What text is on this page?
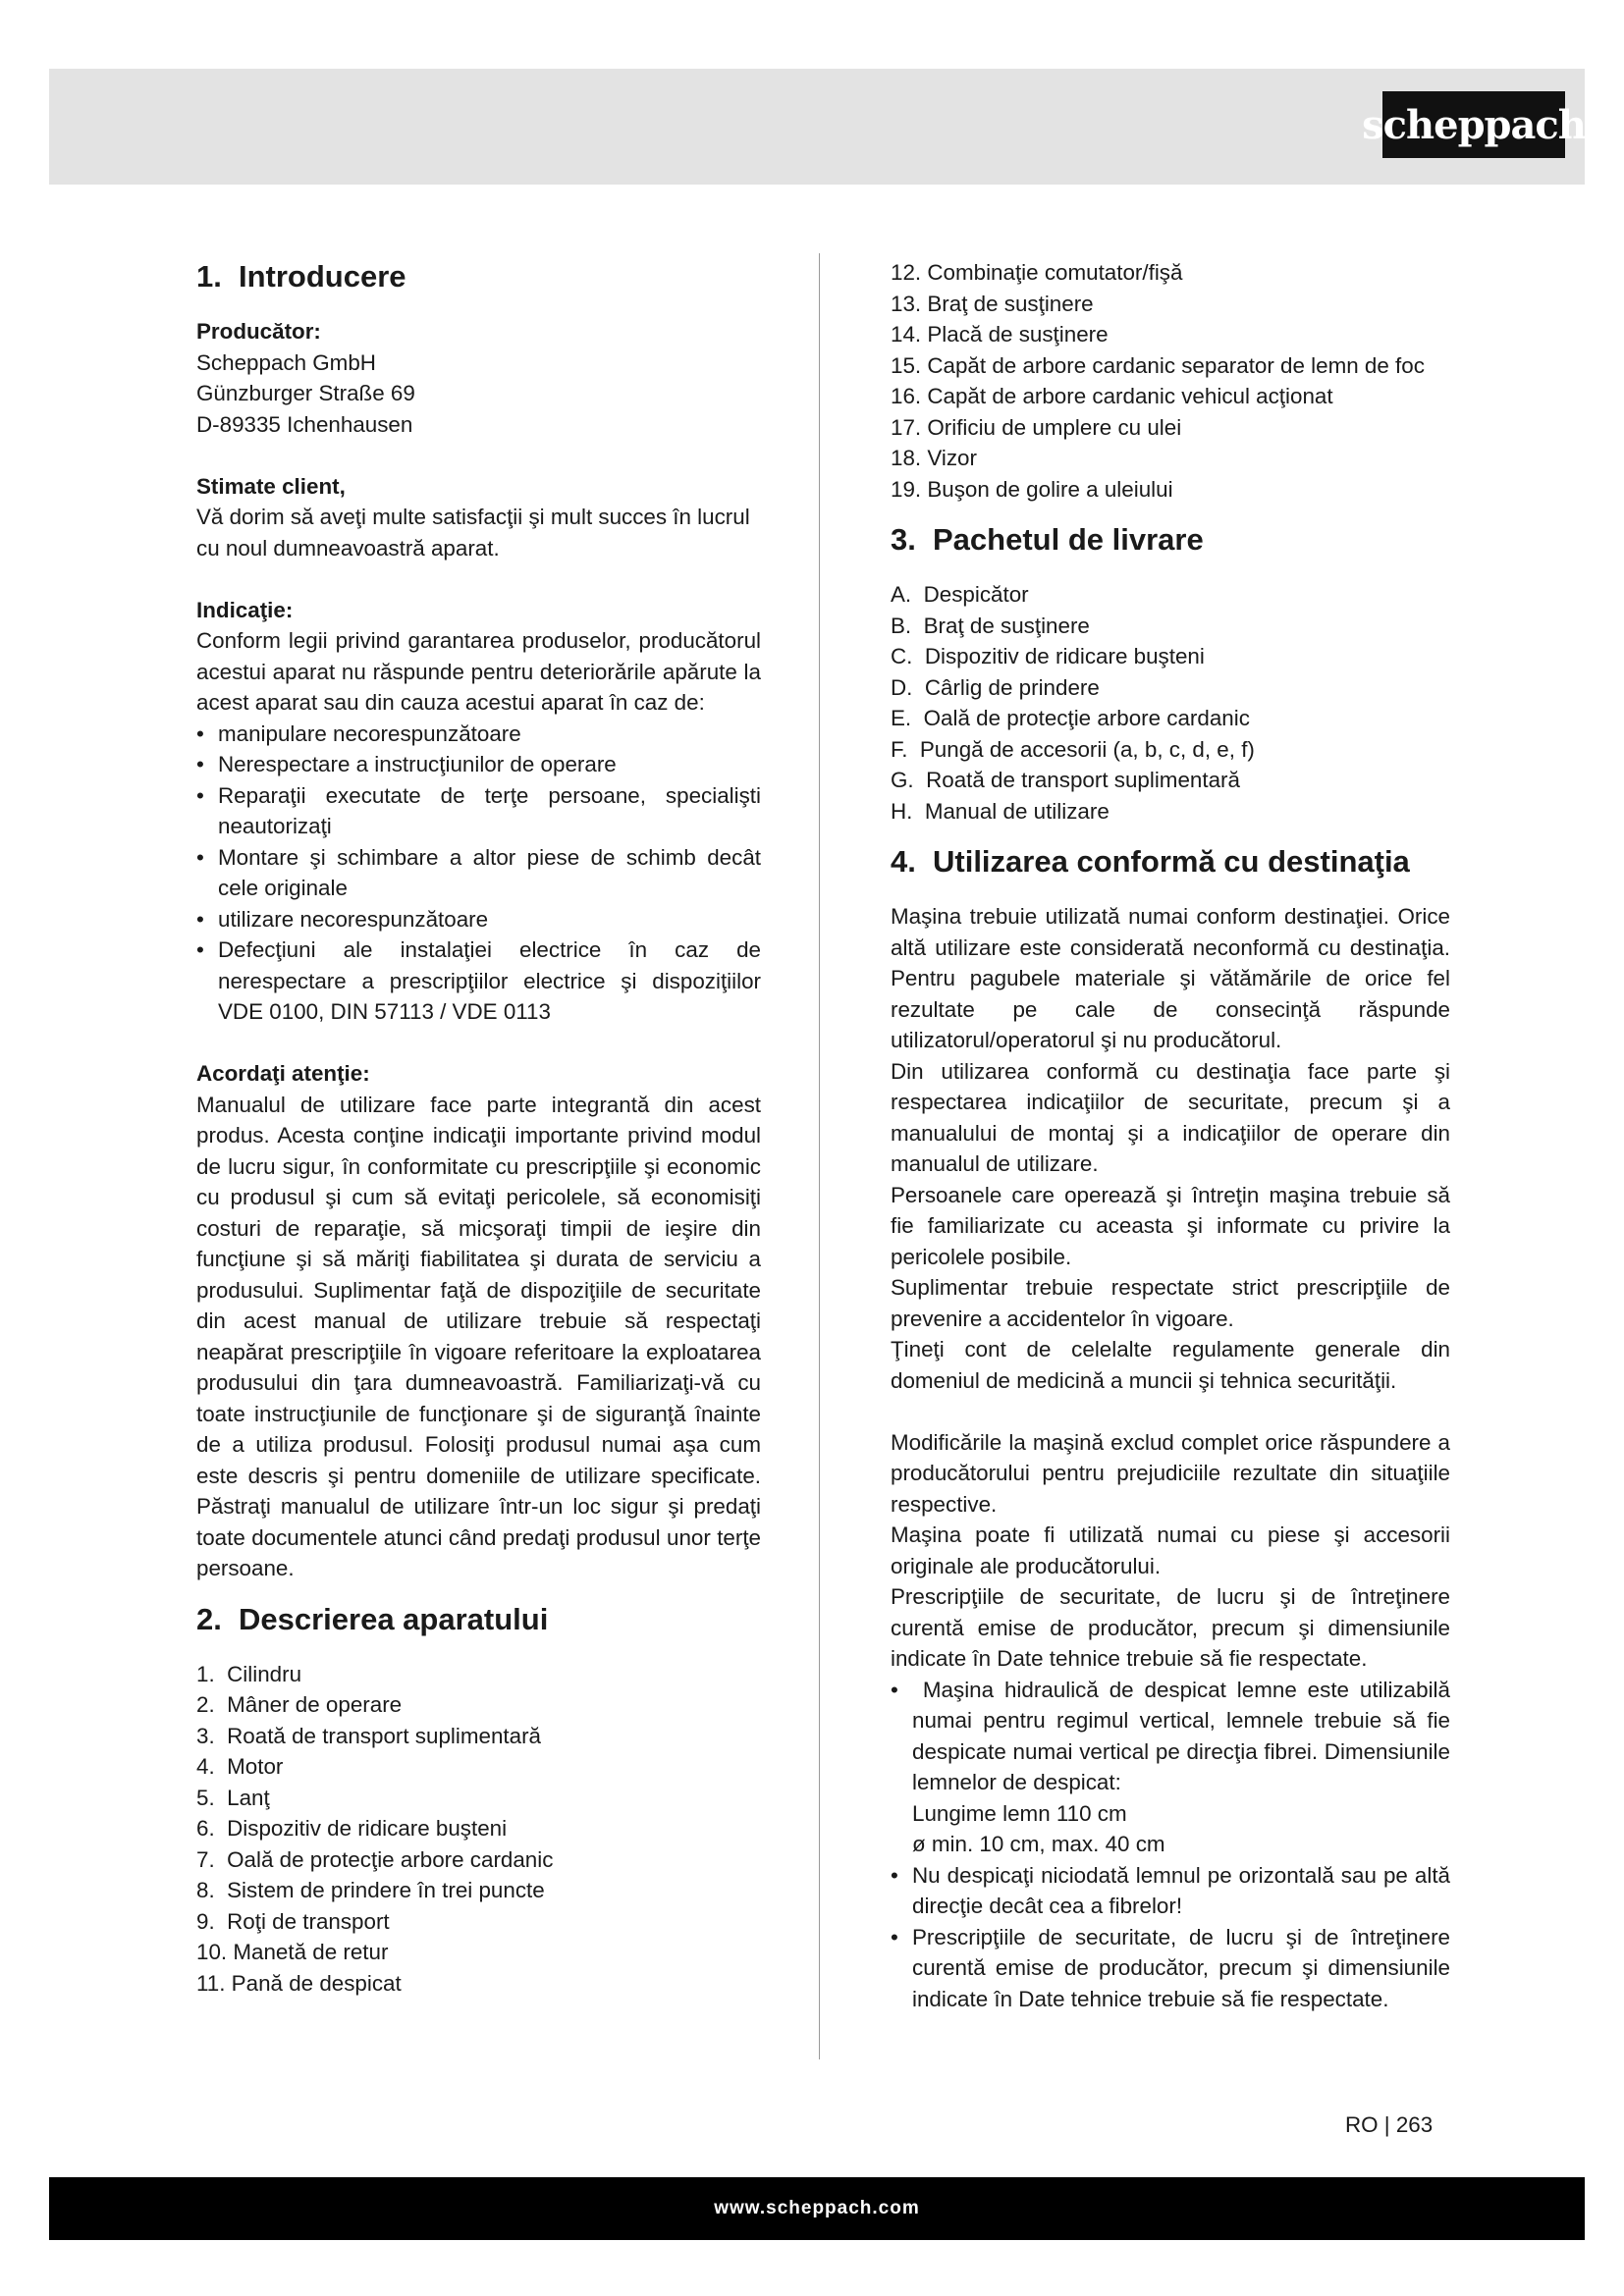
scheppach
1. Introducere
Producător:

Scheppach GmbH

Günzburger Straße 69

D-89335 Ichenhausen

Stimate client,

Vă dorim să aveţi multe satisfacţii şi mult succes în lucrul cu noul dumneavoastră aparat.

Indicaţie:

Conform legii privind garantarea produselor, producătorul acestui aparat nu răspunde pentru deteriorările apărute la acest aparat sau din cauza acestui aparat în caz de:

• manipulare necorespunzătoare
• Nerespectare a instrucţiunilor de operare
• Reparaţii executate de terţe persoane, specialişti neautorizaţi
• Montare şi schimbare a altor piese de schimb decât cele originale
• utilizare necorespunzătoare
• Defecţiuni ale instalaţiei electrice în caz de nerespectare a prescripţiilor electrice şi dispoziţiilor VDE 0100, DIN 57113 / VDE 0113
Acordaţi atenţie:

Manualul de utilizare face parte integrantă din acest produs. Acesta conţine indicaţii importante privind modul de lucru sigur, în conformitate cu prescripţiile şi economic cu produsul şi cum să evitaţi pericolele, să economisiţi costuri de reparaţie, să micşoraţi timpii de ieşire din funcţiune şi să măriţi fiabilitatea şi durata de serviciu a produsului. Suplimentar faţă de dispoziţiile de securitate din acest manual de utilizare trebuie să respectaţi neapărat prescripţiile în vigoare referitoare la exploatarea produsului din ţara dumneavoastră. Familiarizaţi-vă cu toate instrucţiunile de funcţionare şi de siguranţă înainte de a utiliza produsul. Folosiţi produsul numai aşa cum este descris şi pentru domeniile de utilizare specificate. Păstraţi manualul de utilizare într-un loc sigur şi predaţi toate documentele atunci când predaţi produsul unor terţe persoane.

2. Descrierea aparatului
1.  Cilindru
2.  Mâner de operare
3.  Roată de transport suplimentară
4.  Motor
5.  Lanţ
6.  Dispozitiv de ridicare buşteni
7.  Oală de protecţie arbore cardanic
8.  Sistem de prindere în trei puncte
9.  Roţi de transport
10. Manetă de retur
11. Pană de despicat
12. Combinaţie comutator/fişă
13. Braţ de susţinere
14. Placă de susţinere
15. Capăt de arbore cardanic separator de lemn de foc
16. Capăt de arbore cardanic vehicul acţionat
17. Orificiu de umplere cu ulei
18. Vizor
19. Buşon de golire a uleiului
3. Pachetul de livrare
A.  Despicător
B.  Braţ de susţinere
C.  Dispozitiv de ridicare buşteni
D.  Cârlig de prindere
E.  Oală de protecţie arbore cardanic
F.  Pungă de accesorii (a, b, c, d, e, f)
G.  Roată de transport suplimentară
H.  Manual de utilizare
4. Utilizarea conformă cu destinaţia

Maşina trebuie utilizată numai conform destinaţiei. Orice altă utilizare este considerată neconformă cu destinaţia. Pentru pagubele materiale şi vătămările de orice fel rezultate pe cale de consecinţă răspunde utilizatorul/operatorul şi nu producătorul.

Din utilizarea conformă cu destinaţia face parte şi respectarea indicaţiilor de securitate, precum şi a manualului de montaj şi a indicaţiilor de operare din manualul de utilizare.

Persoanele care operează şi întreţin maşina trebuie să fie familiarizate cu aceasta şi informate cu privire la pericolele posibile.

Suplimentar trebuie respectate strict prescripţiile de prevenire a accidentelor în vigoare.

Ţineţi cont de celelalte regulamente generale din domeniul de medicină a muncii şi tehnica securităţii.

Modificările la maşină exclud complet orice răspundere a producătorului pentru prejudiciile rezultate din situaţiile respective.

Maşina poate fi utilizată numai cu piese şi accesorii originale ale producătorului.

Prescripţiile de securitate, de lucru şi de întreţinere curentă emise de producător, precum şi dimensiunile indicate în Date tehnice trebuie să fie respectate.

• Maşina hidraulică de despicat lemne este utilizabilă numai pentru regimul vertical, lemnele trebuie să fie despicate numai vertical pe direcţia fibrei. Dimensiunile lemnelor de despicat:
Lungime lemn 110 cm
ø min. 10 cm, max. 40 cm
• Nu despicaţi niciodată lemnul pe orizontală sau pe altă direcţie decât cea a fibrelor!
• Prescripţiile de securitate, de lucru şi de întreţinere curentă emise de producător, precum şi dimensiunile indicate în Date tehnice trebuie să fie respectate.
RO | 263
www.scheppach.com
